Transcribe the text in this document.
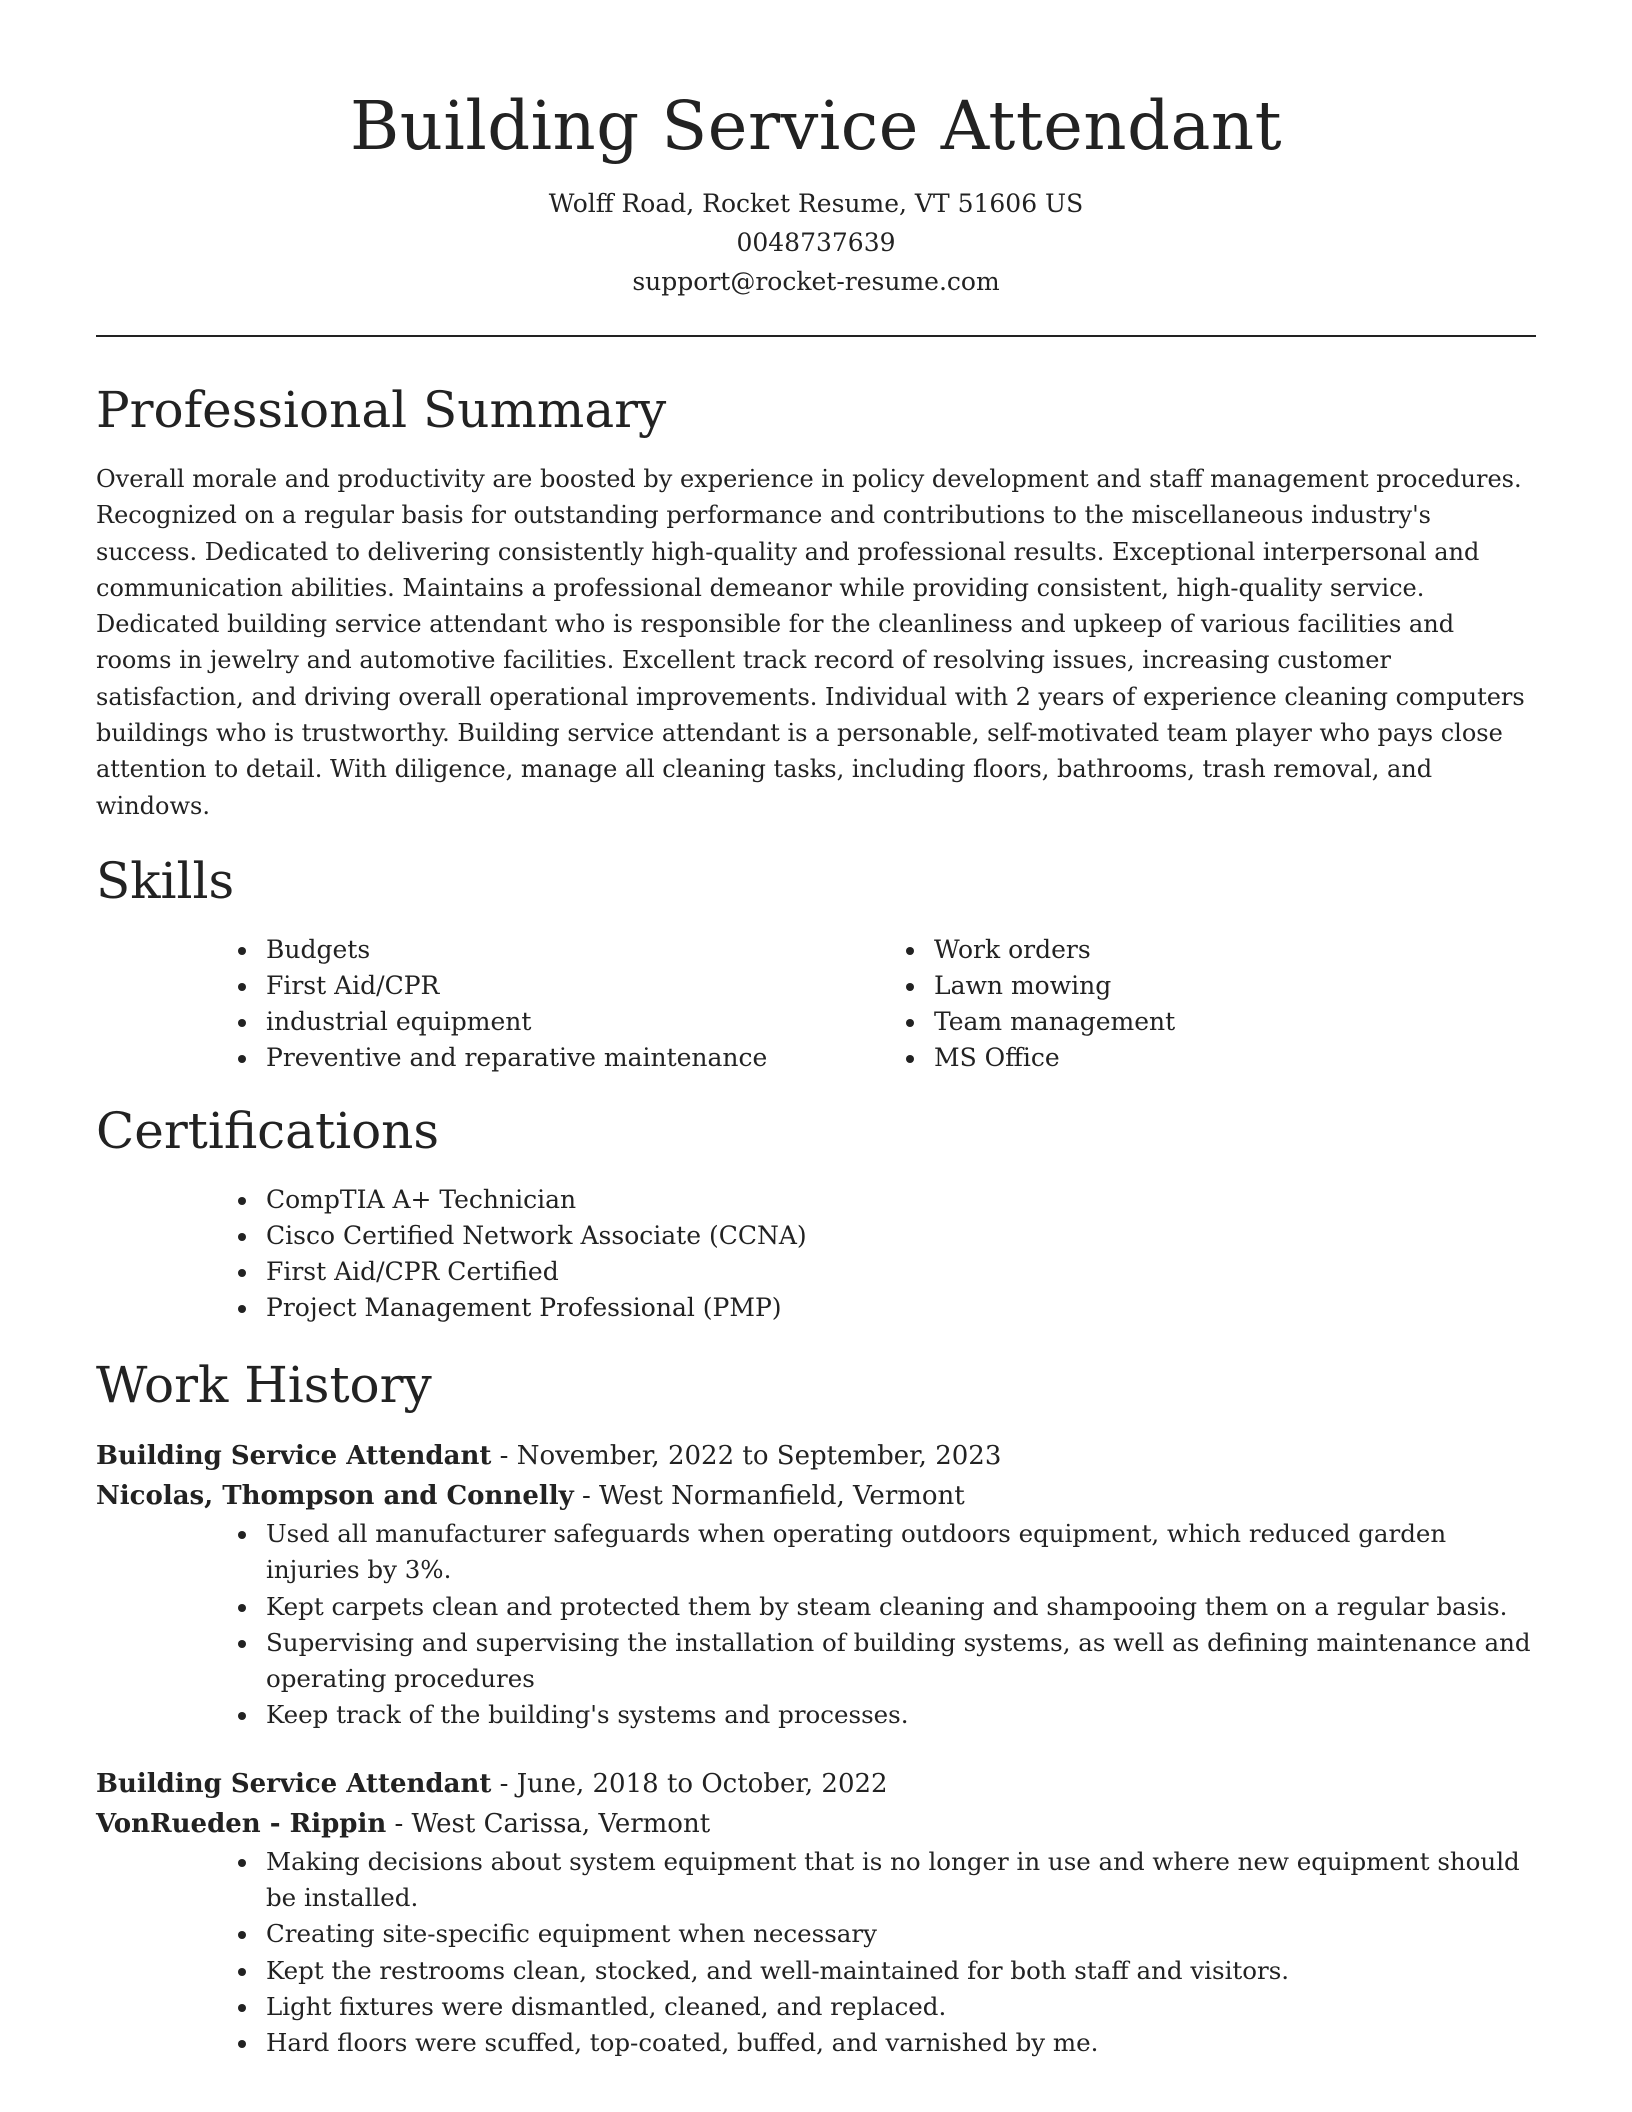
Building Service Attendant

Wolff Road, Rocket Resume, VT 51606 US

0048737639

support@rocket-resume.com

Professional Summary

Overall morale and productivity are boosted by experience in policy development and staff management procedures. Recognized on a regular basis for outstanding performance and contributions to the miscellaneous industry's success. Dedicated to delivering consistently high-quality and professional results. Exceptional interpersonal and communication abilities. Maintains a professional demeanor while providing consistent, high-quality service. Dedicated building service attendant who is responsible for the cleanliness and upkeep of various facilities and rooms in jewelry and automotive facilities. Excellent track record of resolving issues, increasing customer satisfaction, and driving overall operational improvements. Individual with 2 years of experience cleaning computers buildings who is trustworthy. Building service attendant is a personable, self-motivated team player who pays close attention to detail. With diligence, manage all cleaning tasks, including floors, bathrooms, trash removal, and windows.

Skills
• Budgets
• First Aid/CPR
• industrial equipment
• Preventive and reparative maintenance
• Work orders
• Lawn mowing
• Team management
• MS Office
Certifications
• CompTIA A+ Technician
• Cisco Certified Network Associate (CCNA)
• First Aid/CPR Certified
• Project Management Professional (PMP)
Work History

Building Service Attendant - November, 2022 to September, 2023

Nicolas, Thompson and Connelly - West Normanfield, Vermont

• Used all manufacturer safeguards when operating outdoors equipment, which reduced garden injuries by 3%.
• Kept carpets clean and protected them by steam cleaning and shampooing them on a regular basis.
• Supervising and supervising the installation of building systems, as well as defining maintenance and operating procedures
• Keep track of the building's systems and processes.

Building Service Attendant - June, 2018 to October, 2022

VonRueden - Rippin - West Carissa, Vermont

• Making decisions about system equipment that is no longer in use and where new equipment should be installed.
• Creating site-specific equipment when necessary
• Kept the restrooms clean, stocked, and well-maintained for both staff and visitors.
• Light fixtures were dismantled, cleaned, and replaced.
• Hard floors were scuffed, top-coated, buffed, and varnished by me.
